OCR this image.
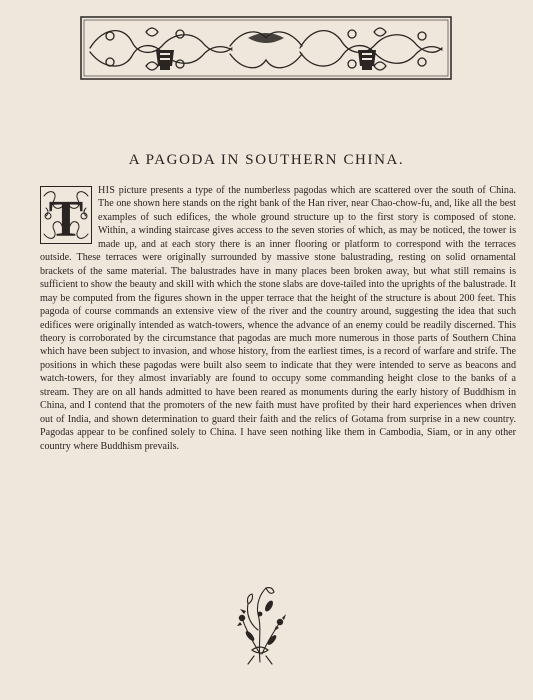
A PAGODA IN SOUTHERN CHINA.
T
HIS picture presents a type of the numberless pagodas which are scattered over the south of China. The one shown here stands on the right bank of the Han river, near Chao-chow-fu, and, like all the best examples of such edifices, the whole ground structure up to the first story is composed of stone. Within, a winding staircase gives access to the seven stories of which, as may be noticed, the tower is made up, and at each story there is an inner flooring or platform to correspond with the terraces outside. These terraces were originally surrounded by massive stone balustrading, resting on solid ornamental brackets of the same material. The balustrades have in many places been broken away, but what still remains is sufficient to show the beauty and skill with which the stone slabs are dove-tailed into the uprights of the balustrade. It may be computed from the figures shown in the upper terrace that the height of the structure is about 200 feet. This pagoda of course commands an extensive view of the river and the country around, suggesting the idea that such edifices were originally intended as watch-towers, whence the advance of an enemy could be readily discerned. This theory is corroborated by the circumstance that pagodas are much more numerous in those parts of Southern China which have been subject to invasion, and whose history, from the earliest times, is a record of warfare and strife. The positions in which these pagodas were built also seem to indicate that they were intended to serve as beacons and watch-towers, for they almost invariably are found to occupy some commanding height close to the banks of a stream. They are on all hands admitted to have been reared as monuments during the early history of Buddhism in China, and I contend that the promoters of the new faith must have profited by their hard experiences when driven out of India, and shown determination to guard their faith and the relics of Gotama from surprise in a new country. Pagodas appear to be confined solely to China. I have seen nothing like them in Cambodia, Siam, or in any other country where Buddhism prevails.
